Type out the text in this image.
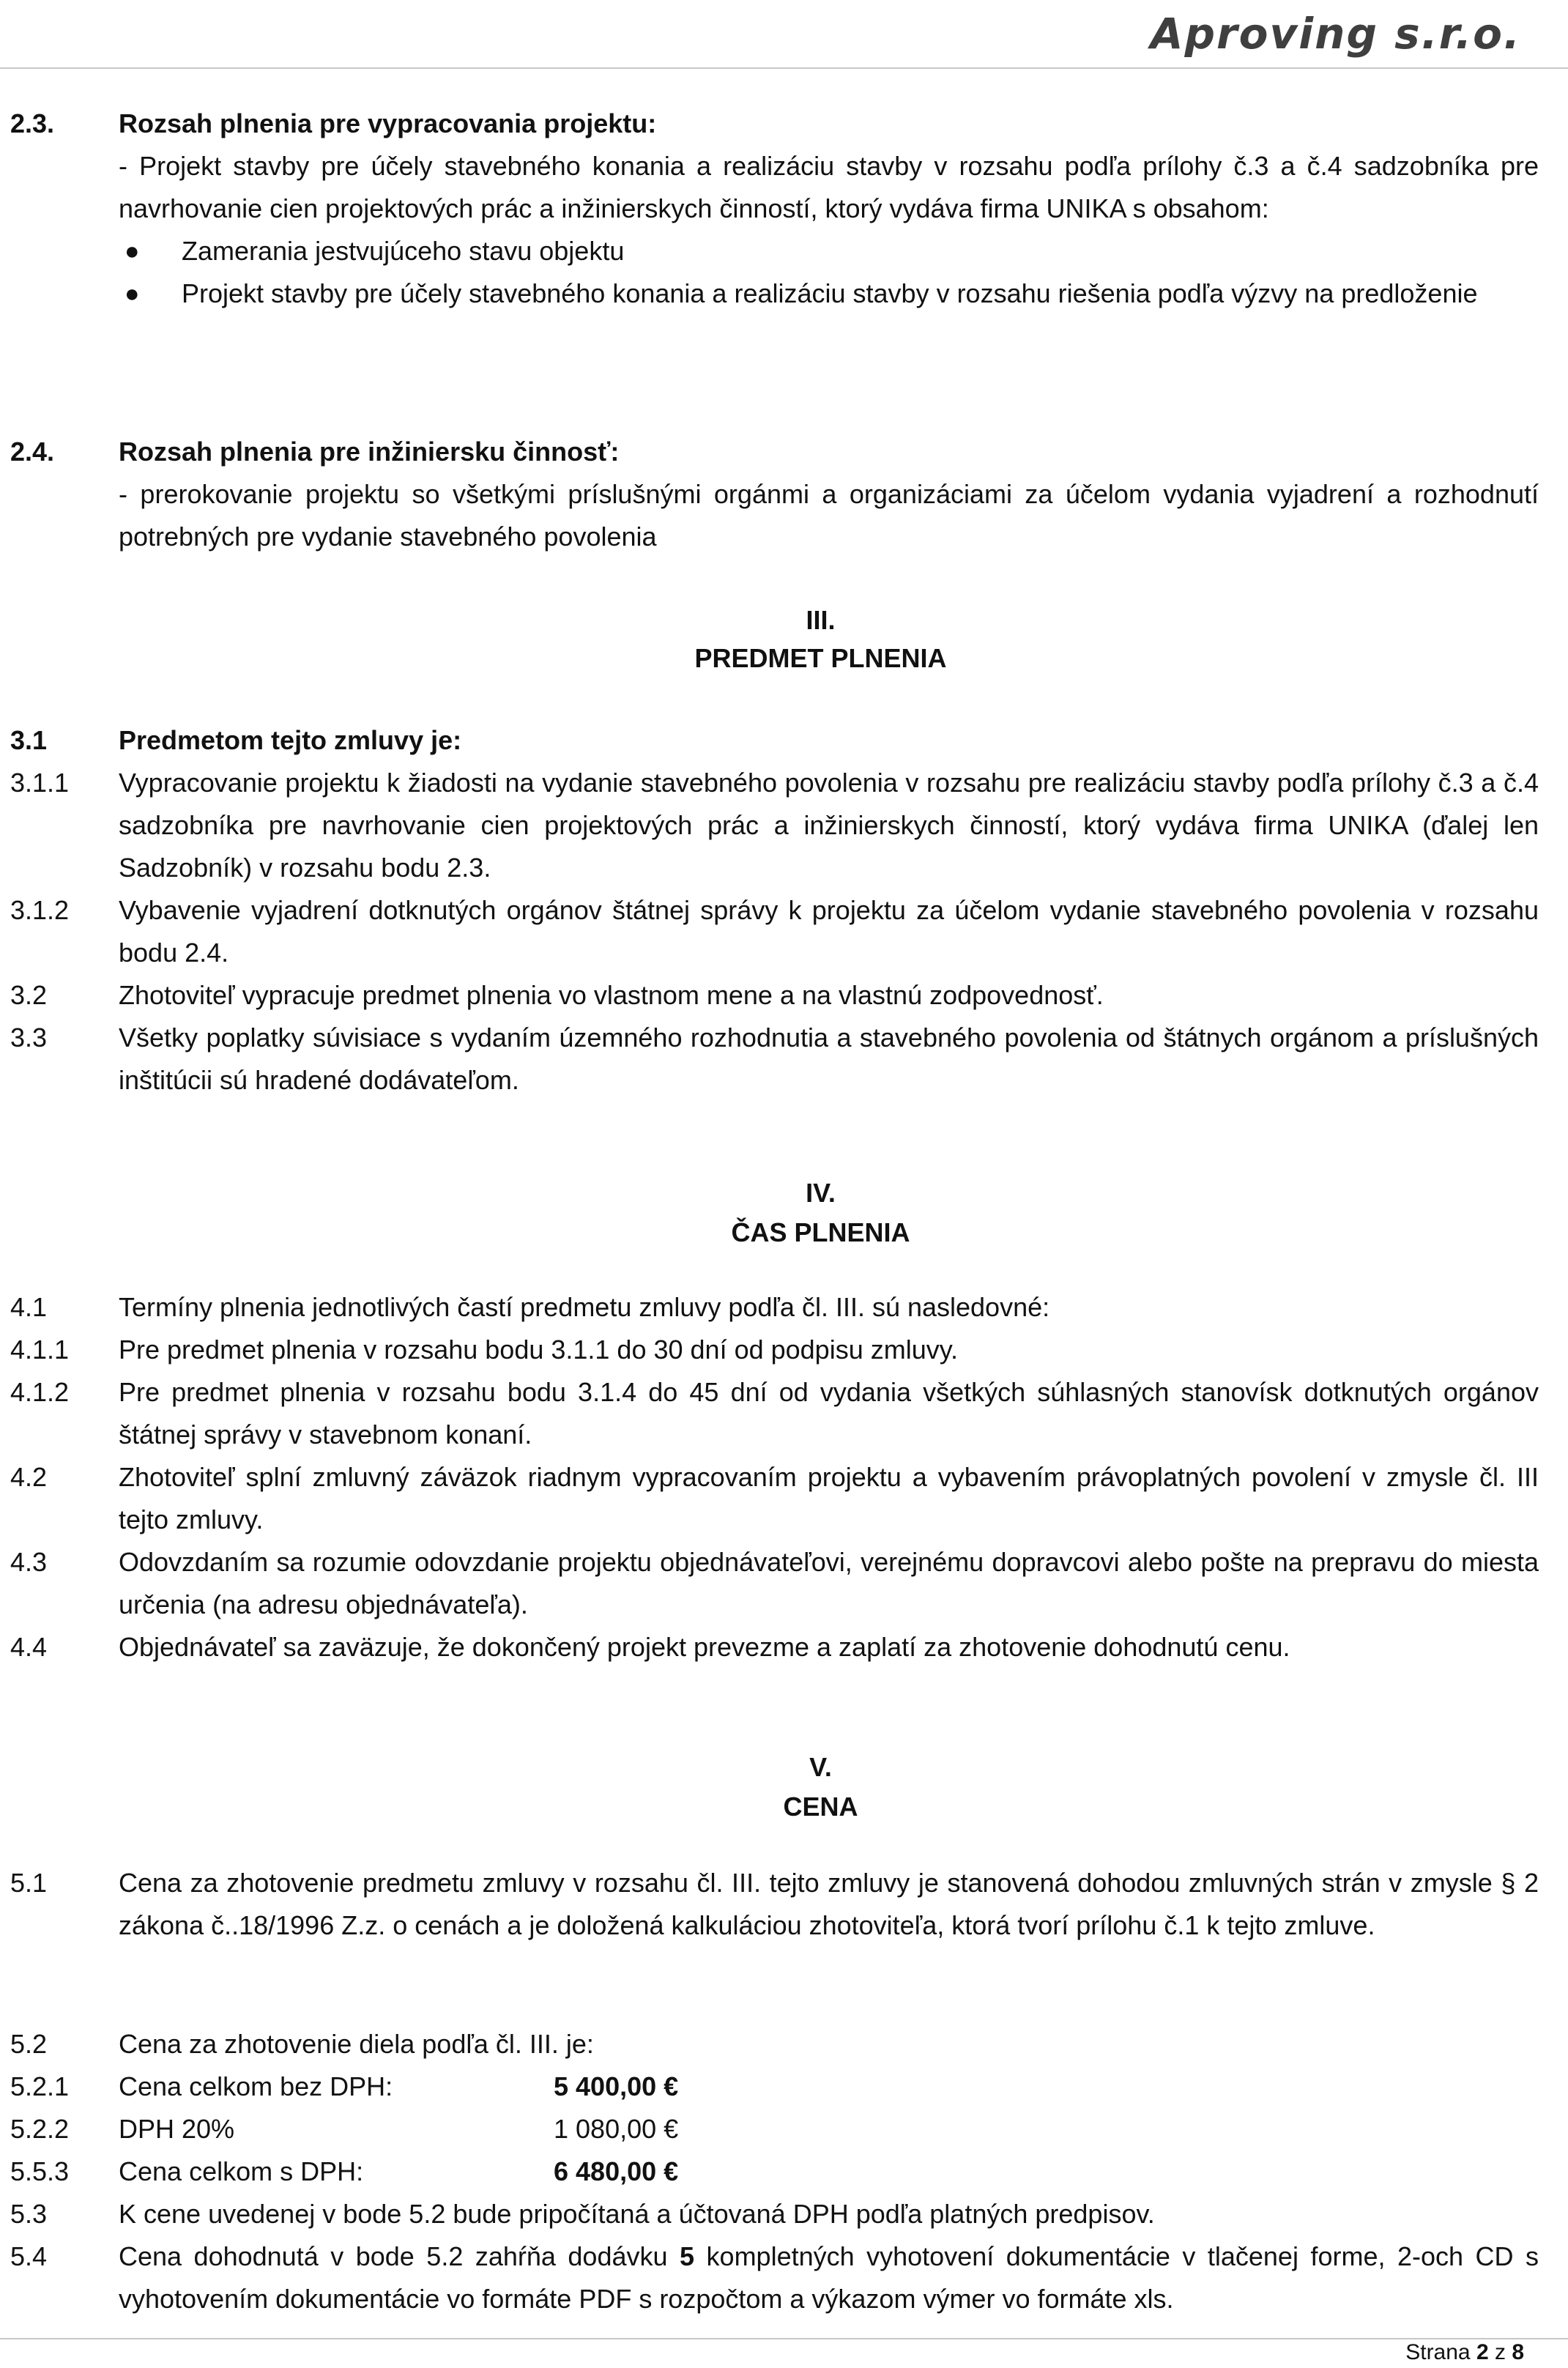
Aproving s.r.o.
2.3. Rozsah plnenia pre vypracovania projektu:
- Projekt stavby pre účely stavebného konania a realizáciu stavby v rozsahu podľa prílohy č.3 a č.4 sadzobníka pre navrhovanie cien projektových prác a inžinierskych činností, ktorý vydáva firma UNIKA s obsahom:
● Zamerania jestvujúceho stavu objektu
● Projekt stavby pre účely stavebného konania a realizáciu stavby v rozsahu riešenia podľa výzvy na predloženie
2.4. Rozsah plnenia pre inžiniersku činnosť:
- prerokovanie projektu so všetkými príslušnými orgánmi a organizáciami za účelom vydania vyjadrení a rozhodnutí potrebných pre vydanie stavebného povolenia
III.
PREDMET PLNENIA
3.1	Predmetom tejto zmluvy je:
3.1.1 Vypracovanie projektu k žiadosti na vydanie stavebného povolenia v rozsahu pre realizáciu stavby podľa prílohy č.3 a č.4 sadzobníka pre navrhovanie cien projektových prác a inžinierskych činností, ktorý vydáva firma UNIKA (ďalej len Sadzobník) v rozsahu bodu 2.3.
3.1.2 Vybavenie vyjadrení dotknutých orgánov štátnej správy k projektu za účelom vydanie stavebného povolenia v rozsahu bodu 2.4.
3.2	Zhotoviteľ vypracuje predmet plnenia vo vlastnom mene a na vlastnú zodpovednosť.
3.3	Všetky poplatky súvisiace s vydaním územného rozhodnutia a stavebného povolenia od štátnych orgánom a príslušných inštitúcii sú hradené dodávateľom.
IV.
ČAS PLNENIA
4.1	Termíny plnenia jednotlivých častí predmetu zmluvy podľa čl. III. sú nasledovné:
4.1.1 Pre predmet plnenia v rozsahu bodu 3.1.1 do 30 dní od podpisu zmluvy.
4.1.2 Pre predmet plnenia v rozsahu bodu 3.1.4 do 45 dní od vydania všetkých súhlasných stanovísk dotknutých orgánov štátnej správy v stavebnom konaní.
4.2	Zhotoviteľ splní zmluvný záväzok riadnym vypracovaním projektu a vybavením právoplatných povolení v zmysle čl. III tejto zmluvy.
4.3	Odovzdaním sa rozumie odovzdanie projektu objednávateľovi, verejnému dopravcovi alebo pošte na prepravu do miesta určenia (na adresu objednávateľa).
4.4	Objednávateľ sa zaväzuje, že dokončený projekt prevezme a zaplatí za zhotovenie dohodnutú cenu.
V.
CENA
5.1	Cena za zhotovenie predmetu zmluvy v rozsahu čl. III. tejto zmluvy je stanovená dohodou zmluvných strán v zmysle § 2 zákona č..18/1996 Z.z. o cenách a je doložená kalkuláciou zhotoviteľa, ktorá tvorí prílohu č.1 k tejto zmluve.
5.2	Cena za zhotovenie diela podľa čl. III. je:
5.2.1 Cena celkom bez DPH:	5 400,00 €
5.2.2 DPH 20%	1 080,00 €
5.5.3 Cena celkom s DPH:	6 480,00 €
5.3	K cene uvedenej v bode 5.2 bude pripočítaná a účtovaná DPH podľa platných predpisov.
5.4	Cena dohodnutá v bode 5.2 zahŕňa dodávku 5 kompletných vyhotovení dokumentácie v tlačenej forme, 2-och CD s vyhotovením dokumentácie vo formáte PDF s rozpočtom a výkazom výmer vo formáte xls.
Strana 2 z 8
